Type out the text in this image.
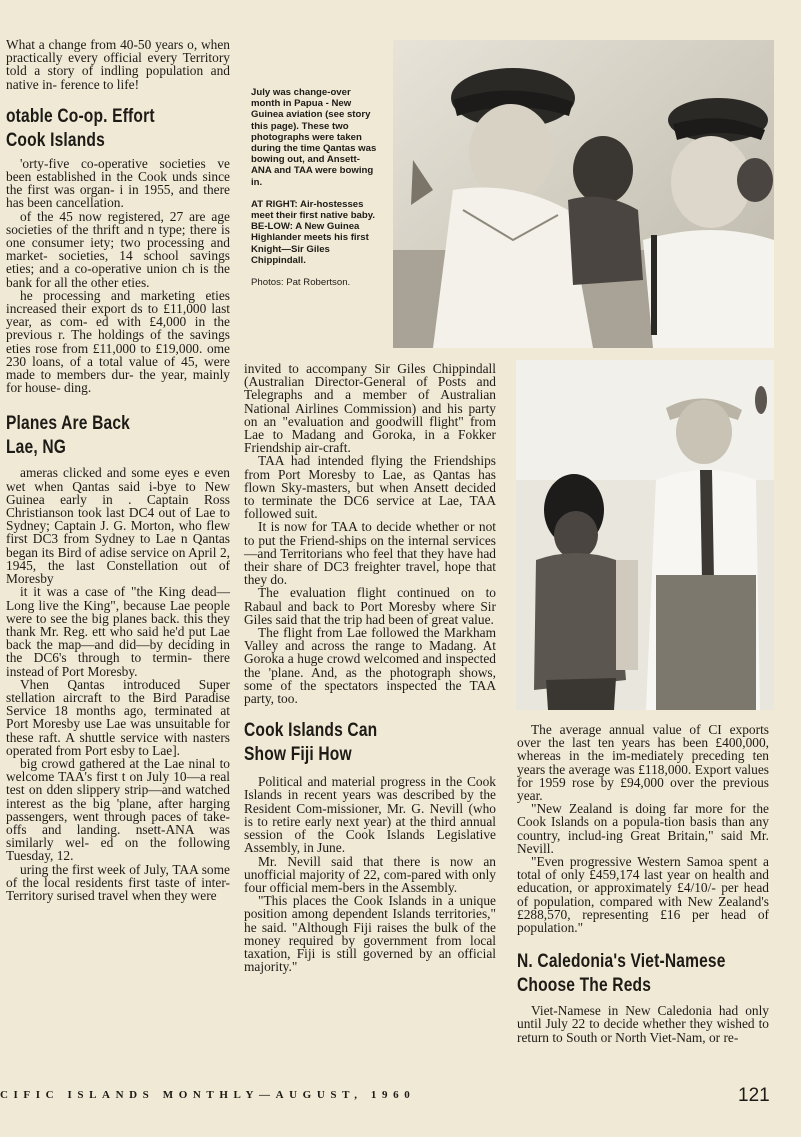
What a change from 40-50 years o, when practically every official every Territory told a story of indling population and native in- ference to life!

otable Co-op. Effort
Cook Islands

'orty-five co-operative societies ve been established in the Cook unds since the first was organ- i in 1955, and there has been cancellation.

of the 45 now registered, 27 are age societies of the thrift and n type; there is one consumer iety; two processing and market- societies, 14 school savings eties; and a co-operative union ch is the bank for all the other eties.

he processing and marketing eties increased their export ds to £11,000 last year, as com- ed with £4,000 in the previous r. The holdings of the savings eties rose from £11,000 to £19,000. ome 230 loans, of a total value of 45, were made to members dur- the year, mainly for house- ding.

Planes Are Back
Lae, NG

ameras clicked and some eyes e even wet when Qantas said i-bye to New Guinea early in . Captain Ross Christianson took last DC4 out of Lae to Sydney; Captain J. G. Morton, who flew first DC3 from Sydney to Lae n Qantas began its Bird of adise service on April 2, 1945, the last Constellation out of Moresby

it it was a case of "the King dead—Long live the King", because Lae people were to see the big planes back. this they thank Mr. Reg. ett who said he'd put Lae back the map—and did—by deciding in the DC6's through to termin- there instead of Port Moresby.

Vhen Qantas introduced Super stellation aircraft to the Bird Paradise Service 18 months ago, terminated at Port Moresby use Lae was unsuitable for these raft. A shuttle service with nasters operated from Port esby to Lae].

big crowd gathered at the Lae ninal to welcome TAA's first t on July 10—a real test on dden slippery strip—and watched interest as the big 'plane, after harging passengers, went through paces of take-offs and landing. nsett-ANA was similarly wel- ed on the following Tuesday, 12.

uring the first week of July, TAA some of the local residents first taste of inter-Territory surised travel when they were

July was change-over month in Papua - New Guinea aviation (see story this page). These two photographs were taken during the time Qantas was bowing out, and Ansett-ANA and TAA were bowing in.

AT RIGHT: Air-hostesses meet their first native baby. BE-LOW: A New Guinea Highlander meets his first Knight—Sir Giles Chippindall.

Photos: Pat Robertson.

invited to accompany Sir Giles Chippindall (Australian Director-General of Posts and Telegraphs and a member of Australian National Airlines Commission) and his party on an "evaluation and goodwill flight" from Lae to Madang and Goroka, in a Fokker Friendship air-craft.

TAA had intended flying the Friendships from Port Moresby to Lae, as Qantas has flown Sky-masters, but when Ansett decided to terminate the DC6 service at Lae, TAA followed suit.

It is now for TAA to decide whether or not to put the Friend-ships on the internal services—and Territorians who feel that they have had their share of DC3 freighter travel, hope that they do.

The evaluation flight continued on to Rabaul and back to Port Moresby where Sir Giles said that the trip had been of great value.

The flight from Lae followed the Markham Valley and across the range to Madang. At Goroka a huge crowd welcomed and inspected the 'plane. And, as the photograph shows, some of the spectators inspected the TAA party, too.

Cook Islands Can
Show Fiji How

Political and material progress in the Cook Islands in recent years was described by the Resident Com-missioner, Mr. G. Nevill (who is to retire early next year) at the third annual session of the Cook Islands Legislative Assembly, in June.

Mr. Nevill said that there is now an unofficial majority of 22, com-pared with only four official mem-bers in the Assembly.

"This places the Cook Islands in a unique position among dependent Islands territories," he said. "Although Fiji raises the bulk of the money required by government from local taxation, Fiji is still governed by an official majority."

The average annual value of CI exports over the last ten years has been £400,000, whereas in the im-mediately preceding ten years the average was £118,000. Export values for 1959 rose by £94,000 over the previous year.

"New Zealand is doing far more for the Cook Islands on a popula-tion basis than any country, includ-ing Great Britain," said Mr. Nevill.

"Even progressive Western Samoa spent a total of only £459,174 last year on health and education, or approximately £4/10/- per head of population, compared with New Zealand's £288,570, representing £16 per head of population."

N. Caledonia's Viet-Namese
Choose The Reds

Viet-Namese in New Caledonia had only until July 22 to decide whether they wished to return to South or North Viet-Nam, or re-

CIFIC ISLANDS MONTHLY—AUGUST, 1960	121
